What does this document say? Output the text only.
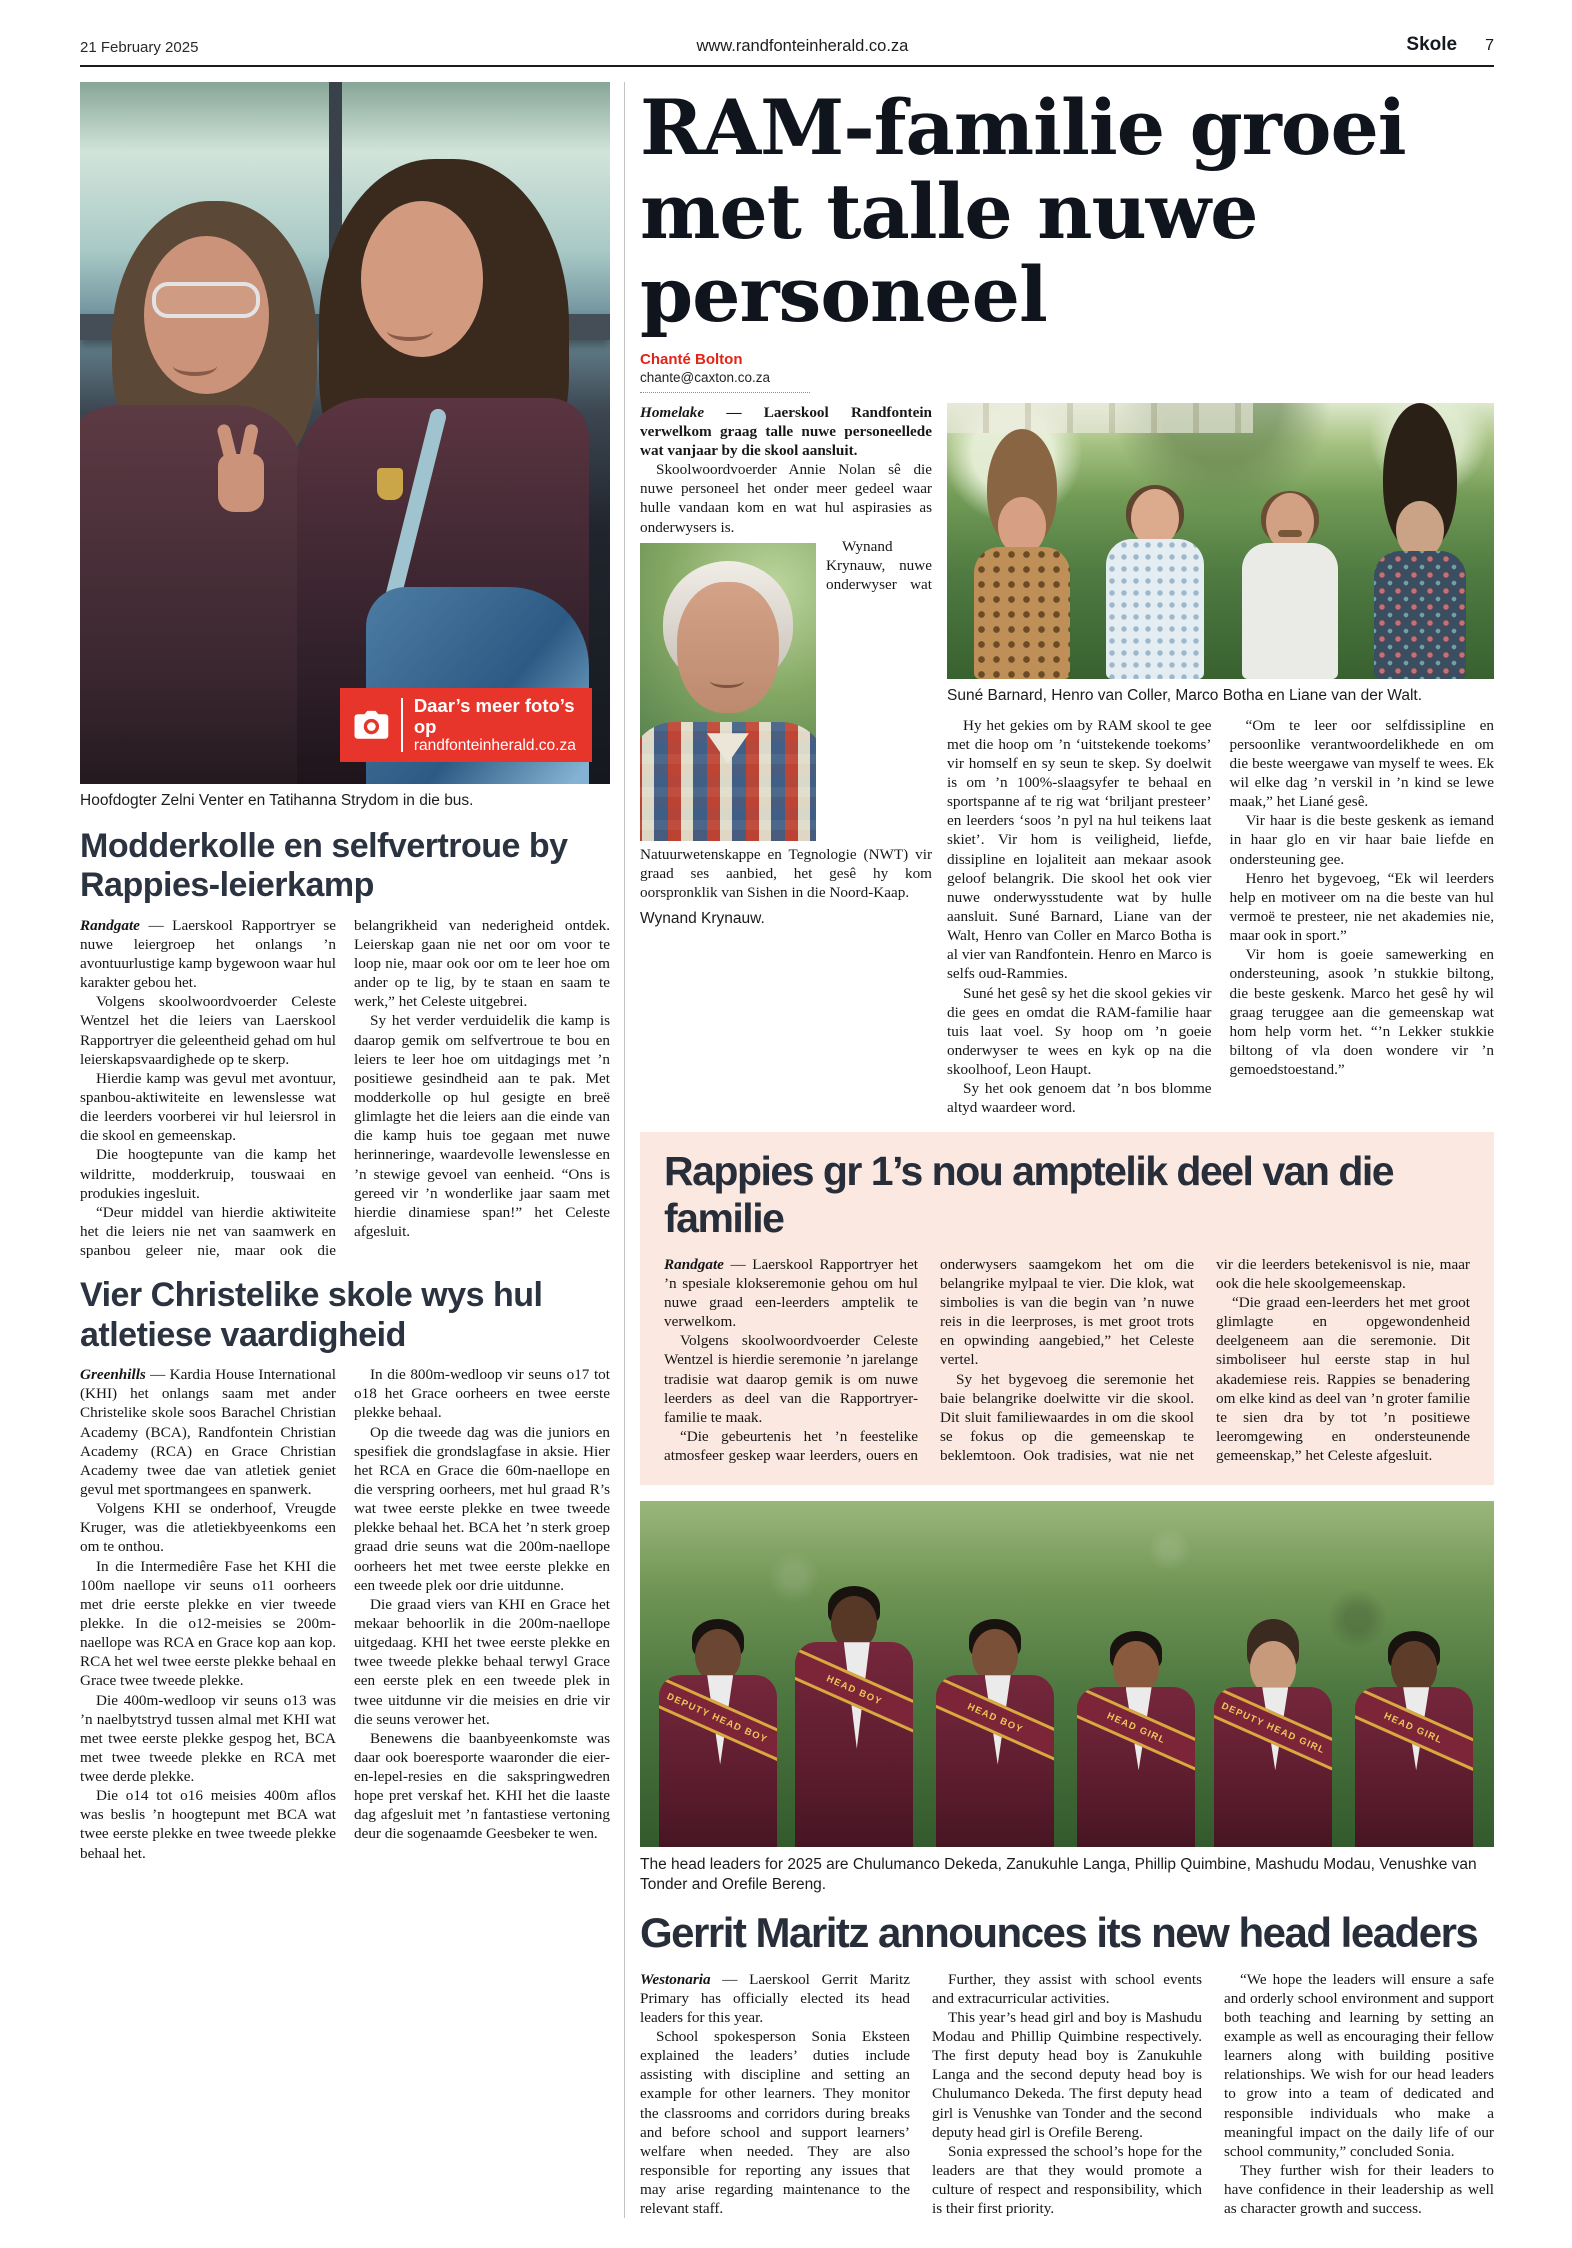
21 February 2025	www.randfonteinherald.co.za	Skole 7
Daar’s meer foto’s op
randfonteinherald.co.za

Hoofdogter Zelni Venter en Tatihanna Strydom in die bus.

Modderkolle en selfvertroue by Rappies-leierkamp

Randgate — Laerskool Rapportryer se nuwe leiergroep het onlangs ’n avontuurlustige kamp bygewoon waar hul karakter gebou het.

Volgens skoolwoordvoerder Celeste Wentzel het die leiers van Laerskool Rapportryer die geleentheid gehad om hul leierskapsvaardighede op te skerp.

Hierdie kamp was gevul met avontuur, spanbou-aktiwiteite en lewenslesse wat die leerders voorberei vir hul leiersrol in die skool en gemeenskap.

Die hoogtepunte van die kamp het wildritte, modderkruip, touswaai en produkies ingesluit.

“Deur middel van hierdie aktiwiteite het die leiers nie net van saamwerk en spanbou geleer nie, maar ook die belangrikheid van nederigheid ontdek. Leierskap gaan nie net oor om voor te loop nie, maar ook oor om te leer hoe om ander op te lig, by te staan en saam te werk,” het Celeste uitgebrei.

Sy het verder verduidelik die kamp is daarop gemik om selfvertroue te bou en leiers te leer hoe om uitdagings met ’n positiewe gesindheid aan te pak. Met modderkolle op hul gesigte en breë glimlagte het die leiers aan die einde van die kamp huis toe gegaan met nuwe herinneringe, waardevolle lewenslesse en ’n stewige gevoel van eenheid. “Ons is gereed vir ’n wonderlike jaar saam met hierdie dinamiese span!” het Celeste afgesluit.

Vier Christelike skole wys hul atletiese vaardigheid

Greenhills — Kardia House International (KHI) het onlangs saam met ander Christelike skole soos Barachel Christian Academy (BCA), Randfontein Christian Academy (RCA) en Grace Christian Academy twee dae van atletiek geniet gevul met sportmangees en spanwerk.

Volgens KHI se onderhoof, Vreugde Kruger, was die atletiekbyeenkoms een om te onthou.

In die Intermediêre Fase het KHI die 100m naellope vir seuns o11 oorheers met drie eerste plekke en vier tweede plekke. In die o12-meisies se 200m-naellope was RCA en Grace kop aan kop. RCA het wel twee eerste plekke behaal en Grace twee tweede plekke.

Die 400m-wedloop vir seuns o13 was ’n naelbytstryd tussen almal met KHI wat met twee eerste plekke gespog het, BCA met twee tweede plekke en RCA met twee derde plekke.

Die o14 tot o16 meisies 400m aflos was beslis ’n hoogtepunt met BCA wat twee eerste plekke en twee tweede plekke behaal het.

In die 800m-wedloop vir seuns o17 tot o18 het Grace oorheers en twee eerste plekke behaal.

Op die tweede dag was die juniors en spesifiek die grondslagfase in aksie. Hier het RCA en Grace die 60m-naellope en die verspring oorheers, met hul graad R’s wat twee eerste plekke en twee tweede plekke behaal het. BCA het ’n sterk groep graad drie seuns wat die 200m-naellope oorheers het met twee eerste plekke en een tweede plek oor drie uitdunne.

Die graad viers van KHI en Grace het mekaar behoorlik in die 200m-naellope uitgedaag. KHI het twee eerste plekke en twee tweede plekke behaal terwyl Grace een eerste plek en een tweede plek in twee uitdunne vir die meisies en drie vir die seuns verower het.

Benewens die baanbyeenkomste was daar ook boeresporte waaronder die eier-en-lepel-resies en die sakspringwedren hope pret verskaf het. KHI het die laaste dag afgesluit met ’n fantastiese vertoning deur die sogenaamde Geesbeker te wen.

RAM-familie groei met talle nuwe personeel
Chanté Bolton
chante@caxton.co.za

Homelake — Laerskool Randfontein verwelkom graag talle nuwe personeellede wat vanjaar by die skool aansluit.

Skoolwoordvoerder Annie Nolan sê die nuwe personeel het onder meer gedeel waar hulle vandaan kom en wat hul aspirasies as onderwysers is.

Wynand Krynauw, nuwe onderwyser wat Natuurwetenskappe en Tegnologie (NWT) vir graad ses aanbied, het gesê hy kom oorspronklik van Sishen in die Noord-Kaap.

Wynand Krynauw.

Suné Barnard, Henro van Coller, Marco Botha en Liane van der Walt.

Hy het gekies om by RAM skool te gee met die hoop om ’n ‘uitstekende toekoms’ vir homself en sy seun te skep. Sy doelwit is om ’n 100%-slaagsyfer te behaal en sportspanne af te rig wat ‘briljant presteer’ en leerders ‘soos ’n pyl na hul teikens laat skiet’. Vir hom is veiligheid, liefde, dissipline en lojaliteit aan mekaar asook geloof belangrik. Die skool het ook vier nuwe onderwysstudente wat by hulle aansluit. Suné Barnard, Liane van der Walt, Henro van Coller en Marco Botha is al vier van Randfontein. Henro en Marco is selfs oud-Rammies.

Suné het gesê sy het die skool gekies vir die gees en omdat die RAM-familie haar tuis laat voel. Sy hoop om ’n goeie onderwyser te wees en kyk op na die skoolhoof, Leon Haupt.

Sy het ook genoem dat ’n bos blomme altyd waardeer word.

“Om te leer oor selfdissipline en persoonlike verantwoordelikhede en om die beste weergawe van myself te wees. Ek wil elke dag ’n verskil in ’n kind se lewe maak,” het Liané gesê.

Vir haar is die beste geskenk as iemand in haar glo en vir haar baie liefde en ondersteuning gee.

Henro het bygevoeg, “Ek wil leerders help en motiveer om na die beste van hul vermoë te presteer, nie net akademies nie, maar ook in sport.”

Vir hom is goeie samewerking en ondersteuning, asook ’n stukkie biltong, die beste geskenk. Marco het gesê hy wil graag teruggee aan die gemeenskap wat hom help vorm het. “’n Lekker stukkie biltong of vla doen wondere vir ’n gemoedstoestand.”

Rappies gr 1’s nou amptelik deel van die familie

Randgate — Laerskool Rapportryer het ’n spesiale klokseremonie gehou om hul nuwe graad een-leerders amptelik te verwelkom.

Volgens skoolwoordvoerder Celeste Wentzel is hierdie seremonie ’n jarelange tradisie wat daarop gemik is om nuwe leerders as deel van die Rapportryer-familie te maak.

“Die gebeurtenis het ’n feestelike atmosfeer geskep waar leerders, ouers en onderwysers saamgekom het om die belangrike mylpaal te vier. Die klok, wat simbolies is van die begin van ’n nuwe reis in die leerproses, is met groot trots en opwinding aangebied,” het Celeste vertel.

Sy het bygevoeg die seremonie het baie belangrike doelwitte vir die skool. Dit sluit familiewaardes in om die skool se fokus op die gemeenskap te beklemtoon. Ook tradisies, wat nie net vir die leerders betekenisvol is nie, maar ook die hele skoolgemeenskap.

“Die graad een-leerders het met groot glimlagte en opgewondenheid deelgeneem aan die seremonie. Dit simboliseer hul eerste stap in hul akademiese reis. Rappies se benadering om elke kind as deel van ’n groter familie te sien dra by tot ’n positiewe leeromgewing en ondersteunende gemeenskap,” het Celeste afgesluit.

DEPUTY HEAD BOY
HEAD BOY
HEAD BOY	HEAD GIRL	DEPUTY HEAD GIRL	HEAD GIRL

The head leaders for 2025 are Chulumanco Dekeda, Zanukuhle Langa, Phillip Quimbine, Mashudu Modau, Venushke van Tonder and Orefile Bereng.

Gerrit Maritz announces its new head leaders

Westonaria — Laerskool Gerrit Maritz Primary has officially elected its head leaders for this year.

School spokesperson Sonia Eksteen explained the leaders’ duties include assisting with discipline and setting an example for other learners. They monitor the classrooms and corridors during breaks and before school and support learners’ welfare when needed. They are also responsible for reporting any issues that may arise regarding maintenance to the relevant staff.

Further, they assist with school events and extracurricular activities.

This year’s head girl and boy is Mashudu Modau and Phillip Quimbine respectively. The first deputy head boy is Zanukuhle Langa and the second deputy head boy is Chulumanco Dekeda. The first deputy head girl is Venushke van Tonder and the second deputy head girl is Orefile Bereng.

Sonia expressed the school’s hope for the leaders are that they would promote a culture of respect and responsibility, which is their first priority.

“We hope the leaders will ensure a safe and orderly school environment and support both teaching and learning by setting an example as well as encouraging their fellow learners along with building positive relationships. We wish for our head leaders to grow into a team of dedicated and responsible individuals who make a meaningful impact on the daily life of our school community,” concluded Sonia.

They further wish for their leaders to have confidence in their leadership as well as character growth and success.
